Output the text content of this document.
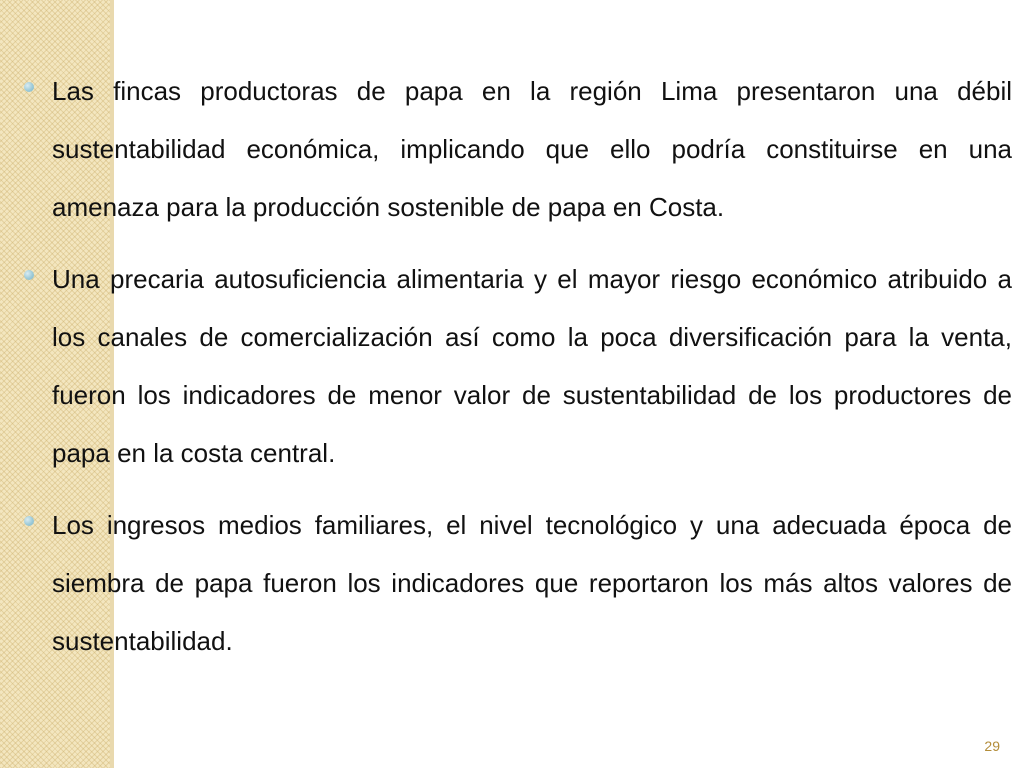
Las fincas productoras de papa en la región Lima presentaron una débil sustentabilidad económica, implicando que ello podría constituirse en una amenaza para la producción sostenible de papa en Costa.
Una precaria autosuficiencia alimentaria y el mayor riesgo económico atribuido a los canales de comercialización así como la poca diversificación para la venta, fueron los indicadores de menor valor de sustentabilidad de los productores de papa en la costa central.
Los ingresos medios familiares, el nivel tecnológico y una adecuada época de siembra de papa fueron los indicadores que reportaron los más altos valores de sustentabilidad.
29
